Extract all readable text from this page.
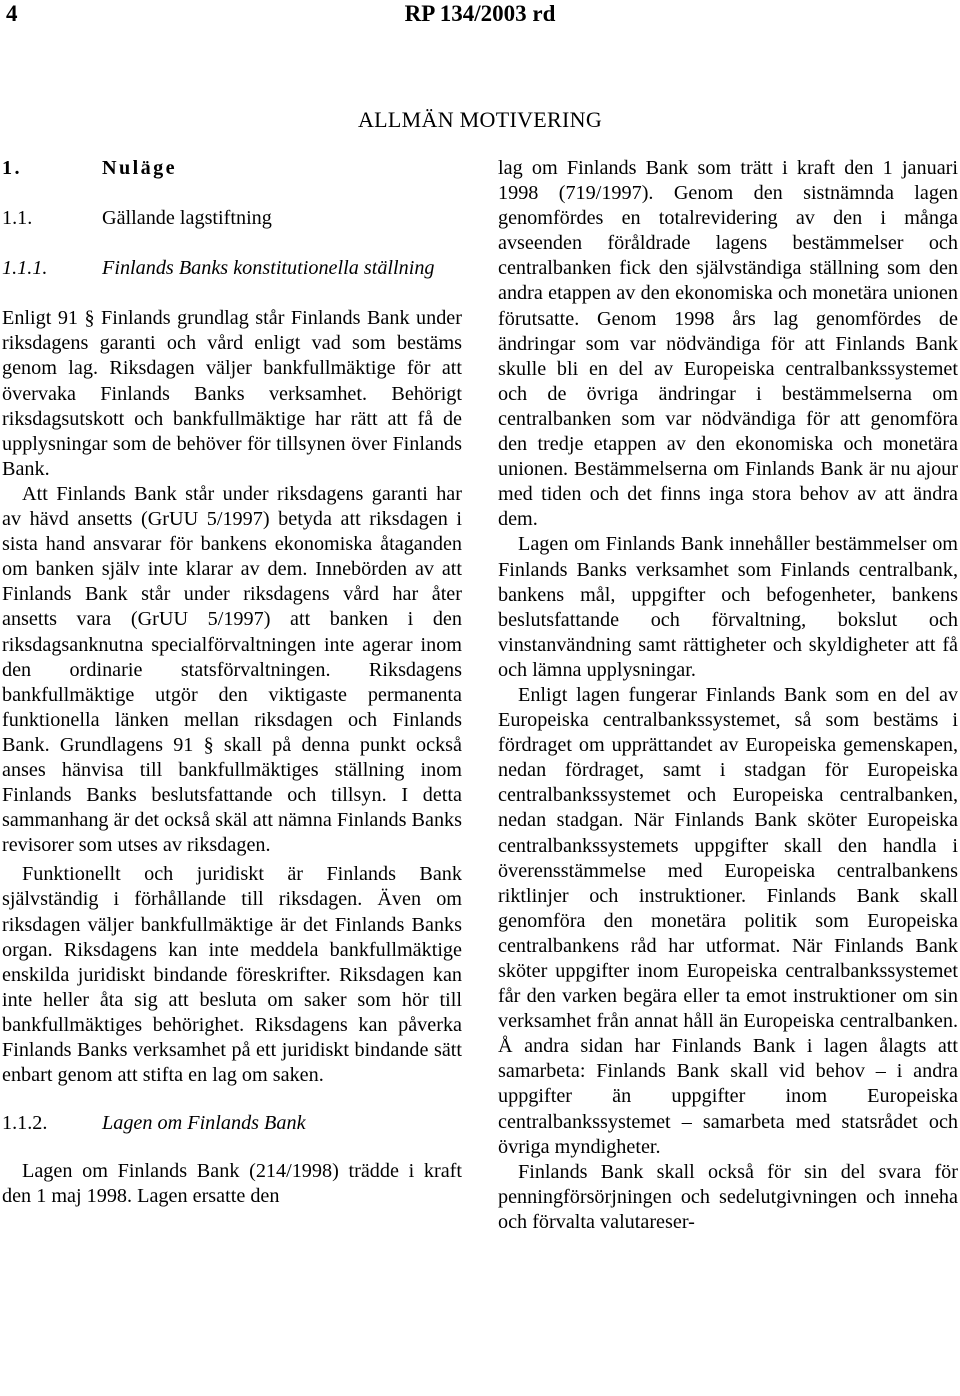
4	RP 134/2003 rd
ALLMÄN MOTIVERING
1.	Nuläge
1.1.	Gällande lagstiftning
1.1.1.	Finlands Banks konstitutionella ställning

Enligt 91 § Finlands grundlag står Finlands Bank under riksdagens garanti och vård enligt vad som bestäms genom lag. Riksdagen väljer bankfullmäktige för att övervaka Finlands Banks verksamhet. Behörigt riksdagsutskott och bankfullmäktige har rätt att få de upplysningar som de behöver för tillsynen över Finlands Bank.

Att Finlands Bank står under riksdagens garanti har av hävd ansetts (GrUU 5/1997) betyda att riksdagen i sista hand ansvarar för bankens ekonomiska åtaganden om banken själv inte klarar av dem. Innebörden av att Finlands Bank står under riksdagens vård har åter ansetts vara (GrUU 5/1997) att banken i den riksdagsanknutna specialförvaltningen inte agerar inom den ordinarie statsförvaltningen. Riksdagens bankfullmäktige utgör den viktigaste permanenta funktionella länken mellan riksdagen och Finlands Bank. Grundlagens 91 § skall på denna punkt också anses hänvisa till bankfullmäktiges ställning inom Finlands Banks beslutsfattande och tillsyn. I detta sammanhang är det också skäl att nämna Finlands Banks revisorer som utses av riksdagen.

Funktionellt och juridiskt är Finlands Bank självständig i förhållande till riksdagen. Även om riksdagen väljer bankfullmäktige är det Finlands Banks organ. Riksdagens kan inte meddela bankfullmäktige enskilda juridiskt bindande föreskrifter. Riksdagen kan inte heller åta sig att besluta om saker som hör till bankfullmäktiges behörighet. Riksdagens kan påverka Finlands Banks verksamhet på ett juridiskt bindande sätt enbart genom att stifta en lag om saken.

1.1.2.	Lagen om Finlands Bank

Lagen om Finlands Bank (214/1998) trädde i kraft den 1 maj 1998. Lagen ersatte den

lag om Finlands Bank som trätt i kraft den 1 januari 1998 (719/1997). Genom den sistnämnda lagen genomfördes en totalrevidering av den i många avseenden föråldrade lagens bestämmelser och centralbanken fick den självständiga ställning som den andra etappen av den ekonomiska och monetära unionen förutsatte. Genom 1998 års lag genomfördes de ändringar som var nödvändiga för att Finlands Bank skulle bli en del av Europeiska centralbankssystemet och de övriga ändringar i bestämmelserna om centralbanken som var nödvändiga för att genomföra den tredje etappen av den ekonomiska och monetära unionen. Bestämmelserna om Finlands Bank är nu ajour med tiden och det finns inga stora behov av att ändra dem.

Lagen om Finlands Bank innehåller bestämmelser om Finlands Banks verksamhet som Finlands centralbank, bankens mål, uppgifter och befogenheter, bankens beslutsfattande och förvaltning, bokslut och vinstanvändning samt rättigheter och skyldigheter att få och lämna upplysningar.

Enligt lagen fungerar Finlands Bank som en del av Europeiska centralbankssystemet, så som bestäms i fördraget om upprättandet av Europeiska gemenskapen, nedan fördraget, samt i stadgan för Europeiska centralbankssystemet och Europeiska centralbanken, nedan stadgan. När Finlands Bank sköter Europeiska centralbankssystemets uppgifter skall den handla i överensstämmelse med Europeiska centralbankens riktlinjer och instruktioner. Finlands Bank skall genomföra den monetära politik som Europeiska centralbankens råd har utformat. När Finlands Bank sköter uppgifter inom Europeiska centralbankssystemet får den varken begära eller ta emot instruktioner om sin verksamhet från annat håll än Europeiska centralbanken. Å andra sidan har Finlands Bank i lagen ålagts att samarbeta: Finlands Bank skall vid behov – i andra uppgifter än uppgifter inom Europeiska centralbankssystemet – samarbeta med statsrådet och övriga myndigheter.

Finlands Bank skall också för sin del svara för penningförsörjningen och sedelutgivningen och inneha och förvalta valutareser-
